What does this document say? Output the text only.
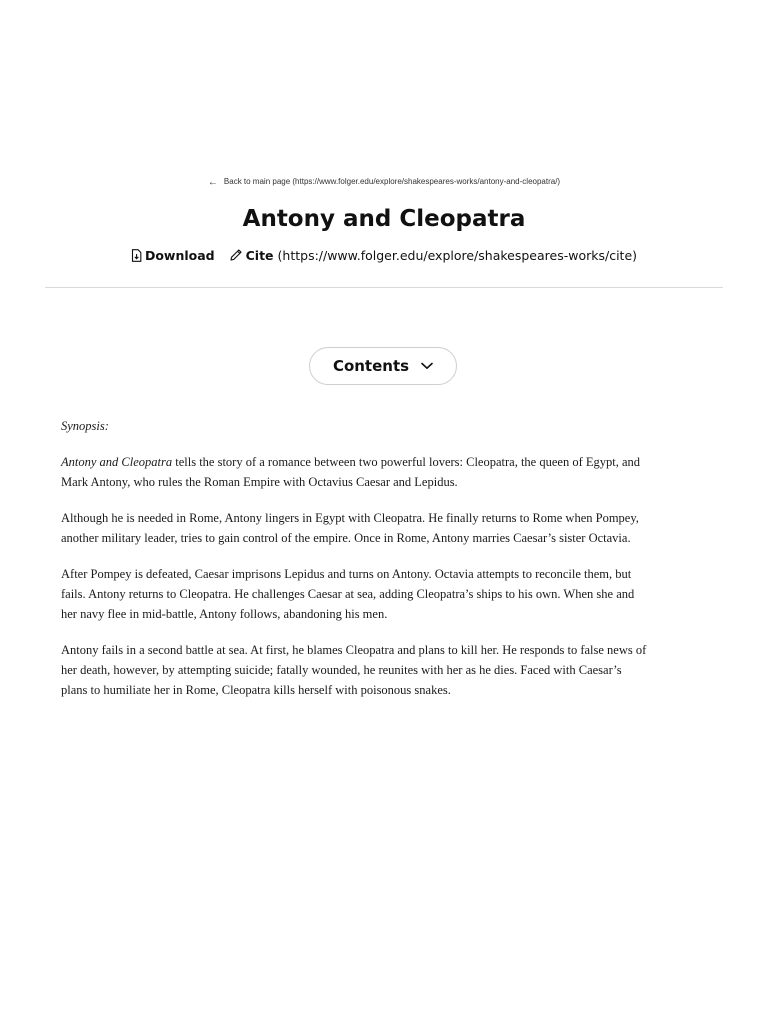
← Back to main page (https://www.folger.edu/explore/shakespeares-works/antony-and-cleopatra/)
Antony and Cleopatra
Download Cite (https://www.folger.edu/explore/shakespeares-works/cite)
Contents

Synopsis:

Antony and Cleopatra tells the story of a romance between two powerful lovers: Cleopatra, the queen of Egypt, and Mark Antony, who rules the Roman Empire with Octavius Caesar and Lepidus.

Although he is needed in Rome, Antony lingers in Egypt with Cleopatra. He finally returns to Rome when Pompey, another military leader, tries to gain control of the empire. Once in Rome, Antony marries Caesar’s sister Octavia.

After Pompey is defeated, Caesar imprisons Lepidus and turns on Antony. Octavia attempts to reconcile them, but fails. Antony returns to Cleopatra. He challenges Caesar at sea, adding Cleopatra’s ships to his own. When she and her navy flee in mid-battle, Antony follows, abandoning his men.

Antony fails in a second battle at sea. At first, he blames Cleopatra and plans to kill her. He responds to false news of her death, however, by attempting suicide; fatally wounded, he reunites with her as he dies. Faced with Caesar’s plans to humiliate her in Rome, Cleopatra kills herself with poisonous snakes.
